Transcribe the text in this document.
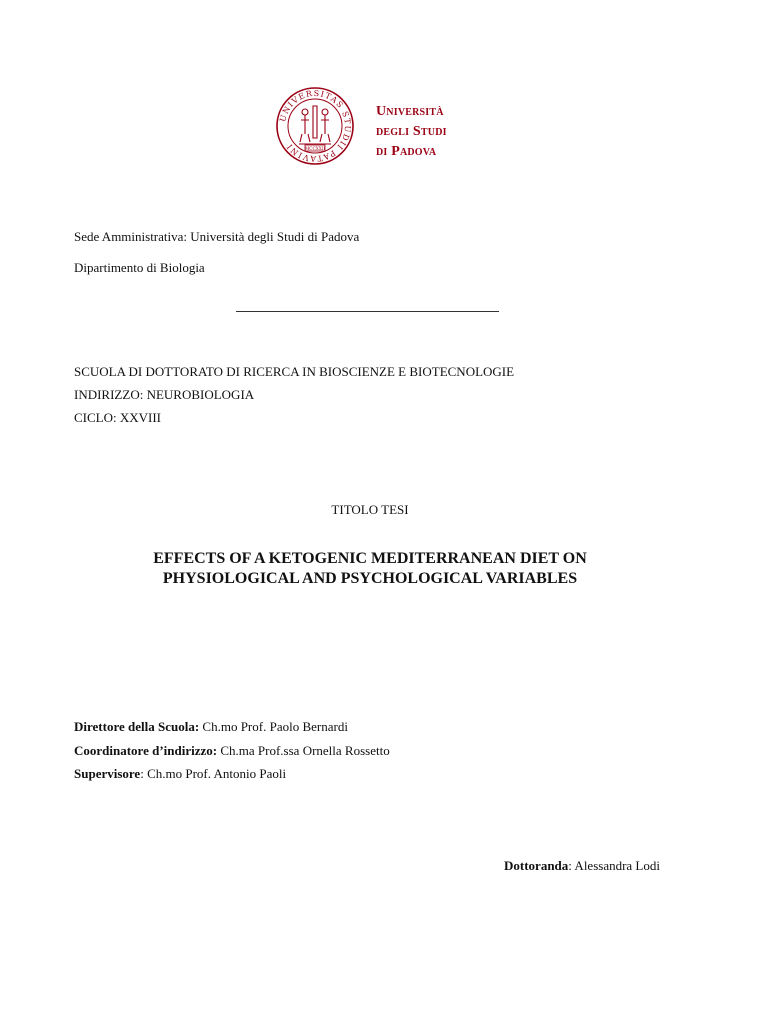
UNIVERSITAS STUDII PATAVINI	MCCXXII
Università
degli Studi
di Padova
Sede Amministrativa: Università degli Studi di Padova
Dipartimento di Biologia
SCUOLA DI DOTTORATO DI RICERCA IN BIOSCIENZE E BIOTECNOLOGIE
INDIRIZZO: NEUROBIOLOGIA
CICLO: XXVIII
TITOLO TESI
EFFECTS OF A KETOGENIC MEDITERRANEAN DIET ON
PHYSIOLOGICAL AND PSYCHOLOGICAL VARIABLES
Direttore della Scuola: Ch.mo Prof. Paolo Bernardi
Coordinatore d’indirizzo: Ch.ma Prof.ssa Ornella Rossetto
Supervisore: Ch.mo Prof. Antonio Paoli
Dottoranda: Alessandra Lodi
